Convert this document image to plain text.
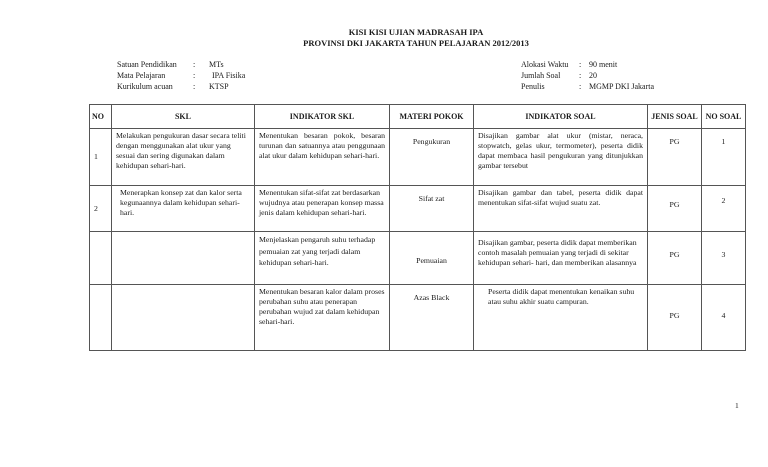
KISI KISI UJIAN MADRASAH IPA
PROVINSI DKI JAKARTA TAHUN PELAJARAN 2012/2013
Satuan Pendidikan	:	MTs
Mata Pelajaran	:	IPA Fisika
Kurikulum acuan	:	KTSP
Alokasi Waktu	: 90 menit
Jumlah Soal	: 20
Penulis	: MGMP DKI Jakarta
NO	SKL	INDIKATOR SKL	MATERI POKOK	INDIKATOR SOAL	JENIS SOAL	NO SOAL
1	Melakukan pengukuran dasar secara teliti dengan menggunakan alat ukur yang sesuai dan sering digunakan dalam kehidupan sehari-hari.	Menentukan besaran pokok, besaran turunan dan satuannya atau penggunaan alat ukur dalam kehidupan sehari-hari.	Pengukuran	Disajikan gambar alat ukur (mistar, neraca, stopwatch, gelas ukur, termometer), peserta didik dapat membaca hasil pengukuran yang ditunjukkan gambar tersebut	PG	1
2	Menerapkan konsep zat dan kalor serta kegunaannya dalam kehidupan sehari-hari.	Menentukan sifat-sifat zat berdasarkan wujudnya atau penerapan konsep massa jenis dalam kehidupan sehari-hari.	Sifat zat	Disajikan gambar dan tabel, peserta didik dapat menentukan sifat-sifat wujud suatu zat.	PG	2
		Menjelaskan pengaruh suhu terhadap pemuaian zat yang terjadi dalam kehidupan sehari-hari.	Pemuaian	Disajikan gambar, peserta didik dapat memberikan contoh masalah pemuaian yang terjadi di sekitar kehidupan sehari- hari, dan memberikan alasannya	PG	3
		Menentukan besaran kalor dalam proses perubahan suhu atau penerapan perubahan wujud zat dalam kehidupan sehari-hari.	Azas Black	Peserta didik dapat menentukan kenaikan suhu atau suhu akhir suatu campuran.	PG	4
1
